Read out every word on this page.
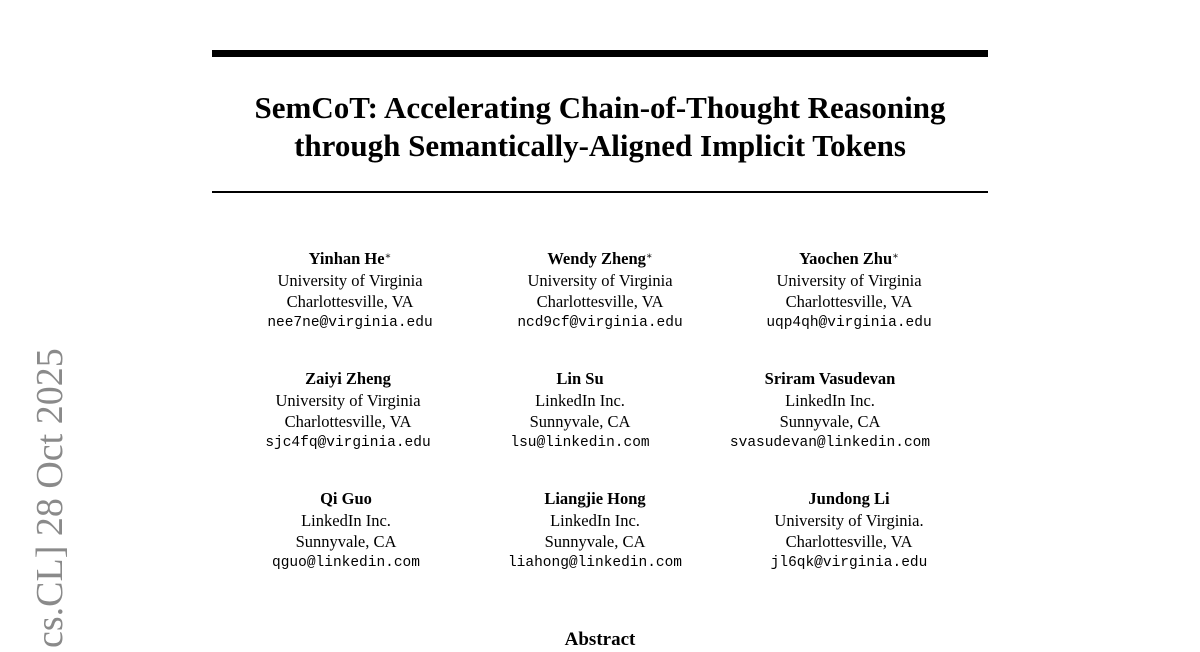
cs.CL] 28 Oct 2025
SemCoT: Accelerating Chain-of-Thought Reasoning
through Semantically-Aligned Implicit Tokens
Yinhan He∗
University of Virginia
Charlottesville, VA
nee7ne@virginia.edu
Wendy Zheng∗
University of Virginia
Charlottesville, VA
ncd9cf@virginia.edu
Yaochen Zhu∗
University of Virginia
Charlottesville, VA
uqp4qh@virginia.edu
Zaiyi Zheng
University of Virginia
Charlottesville, VA
sjc4fq@virginia.edu
Lin Su
LinkedIn Inc.
Sunnyvale, CA
lsu@linkedin.com
Sriram Vasudevan
LinkedIn Inc.
Sunnyvale, CA
svasudevan@linkedin.com
Qi Guo
LinkedIn Inc.
Sunnyvale, CA
qguo@linkedin.com
Liangjie Hong
LinkedIn Inc.
Sunnyvale, CA
liahong@linkedin.com
Jundong Li
University of Virginia.
Charlottesville, VA
jl6qk@virginia.edu
Abstract
